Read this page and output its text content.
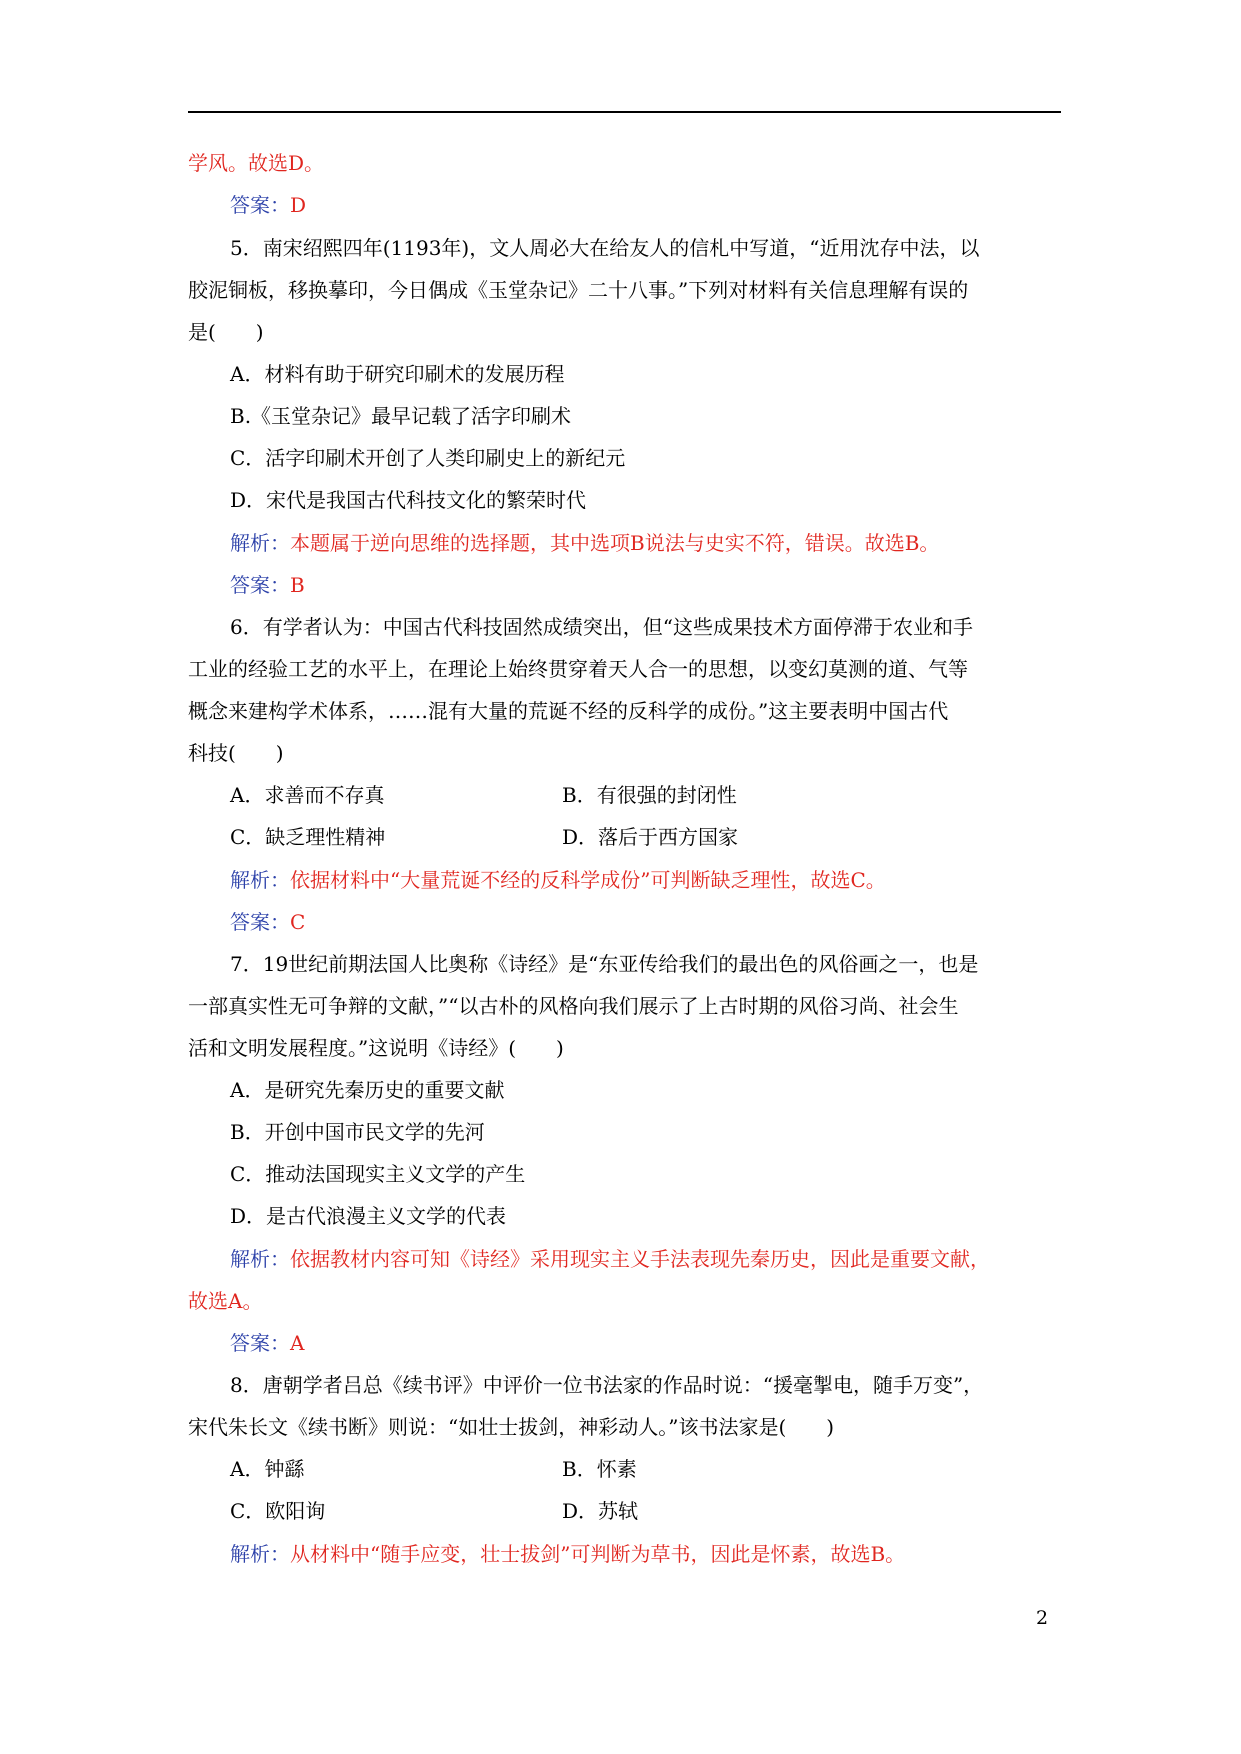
学风。故选D。
答案：D
5．南宋绍熙四年(1193年)，文人周必大在给友人的信札中写道，“近用沈存中法，以
胶泥铜板，移换摹印，今日偶成《玉堂杂记》二十八事。”下列对材料有关信息理解有误的
是(　　)
A．材料有助于研究印刷术的发展历程
B.《玉堂杂记》最早记载了活字印刷术
C．活字印刷术开创了人类印刷史上的新纪元
D．宋代是我国古代科技文化的繁荣时代
解析：本题属于逆向思维的选择题，其中选项B说法与史实不符，错误。故选B。
答案：B
6．有学者认为：中国古代科技固然成绩突出，但“这些成果技术方面停滞于农业和手
工业的经验工艺的水平上，在理论上始终贯穿着天人合一的思想，以变幻莫测的道、气等
概念来建构学术体系，……混有大量的荒诞不经的反科学的成份。”这主要表明中国古代
科技(　　)
A．求善而不存真	B．有很强的封闭性
C．缺乏理性精神	D．落后于西方国家
解析：依据材料中“大量荒诞不经的反科学成份”可判断缺乏理性，故选C。
答案：C
7．19世纪前期法国人比奥称《诗经》是“东亚传给我们的最出色的风俗画之一，也是
一部真实性无可争辩的文献，”“以古朴的风格向我们展示了上古时期的风俗习尚、社会生
活和文明发展程度。”这说明《诗经》(　　)
A．是研究先秦历史的重要文献
B．开创中国市民文学的先河
C．推动法国现实主义文学的产生
D．是古代浪漫主义文学的代表
解析：依据教材内容可知《诗经》采用现实主义手法表现先秦历史，因此是重要文献，
故选A。
答案：A
8．唐朝学者吕总《续书评》中评价一位书法家的作品时说：“援毫掣电，随手万变”，
宋代朱长文《续书断》则说：“如壮士拔剑，神彩动人。”该书法家是(　　)
A．钟繇	B．怀素
C．欧阳询	D．苏轼
解析：从材料中“随手应变，壮士拔剑”可判断为草书，因此是怀素，故选B。
2
